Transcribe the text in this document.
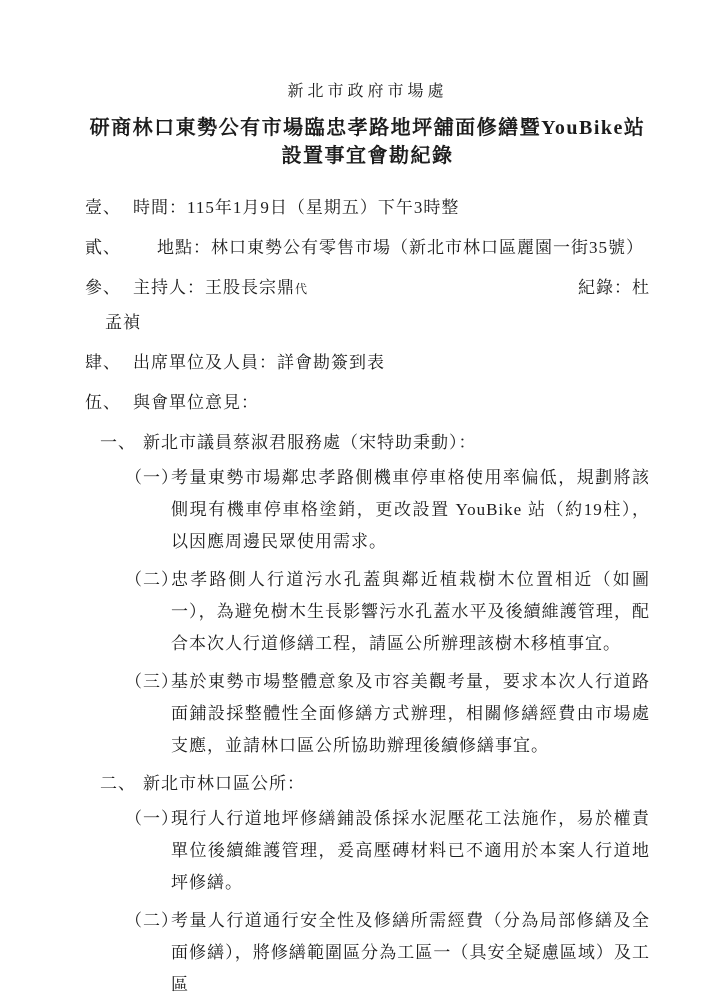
新北市政府市場處
研商林口東勢公有市場臨忠孝路地坪舖面修繕暨YouBike站設置事宜會勘紀錄
壹、 時間：115年1月9日（星期五）下午3時整
貳、	地點：林口東勢公有零售市場（新北市林口區麗園一街35號）
參、 主持人：王股長宗鼎代	紀錄：杜
孟禎
肆、 出席單位及人員：詳會勘簽到表
伍、 與會單位意見：
一、 新北市議員蔡淑君服務處（宋特助秉動）：
（一）
考量東勢市場鄰忠孝路側機車停車格使用率偏低，規劃將該側現有機車停車格塗銷，更改設置 YouBike 站（約19柱），以因應周邊民眾使用需求。
（二）
忠孝路側人行道污水孔蓋與鄰近植栽樹木位置相近（如圖一），為避免樹木生長影響污水孔蓋水平及後續維護管理，配合本次人行道修繕工程，請區公所辦理該樹木移植事宜。
（三）
基於東勢市場整體意象及市容美觀考量，要求本次人行道路面鋪設採整體性全面修繕方式辦理，相關修繕經費由市場處支應，並請林口區公所協助辦理後續修繕事宜。
二、 新北市林口區公所：
（一）
現行人行道地坪修繕鋪設係採水泥壓花工法施作，易於權責單位後續維護管理，爰高壓磚材料已不適用於本案人行道地坪修繕。
（二）
考量人行道通行安全性及修繕所需經費（分為局部修繕及全面修繕），將修繕範圍區分為工區一（具安全疑慮區域）及工區
